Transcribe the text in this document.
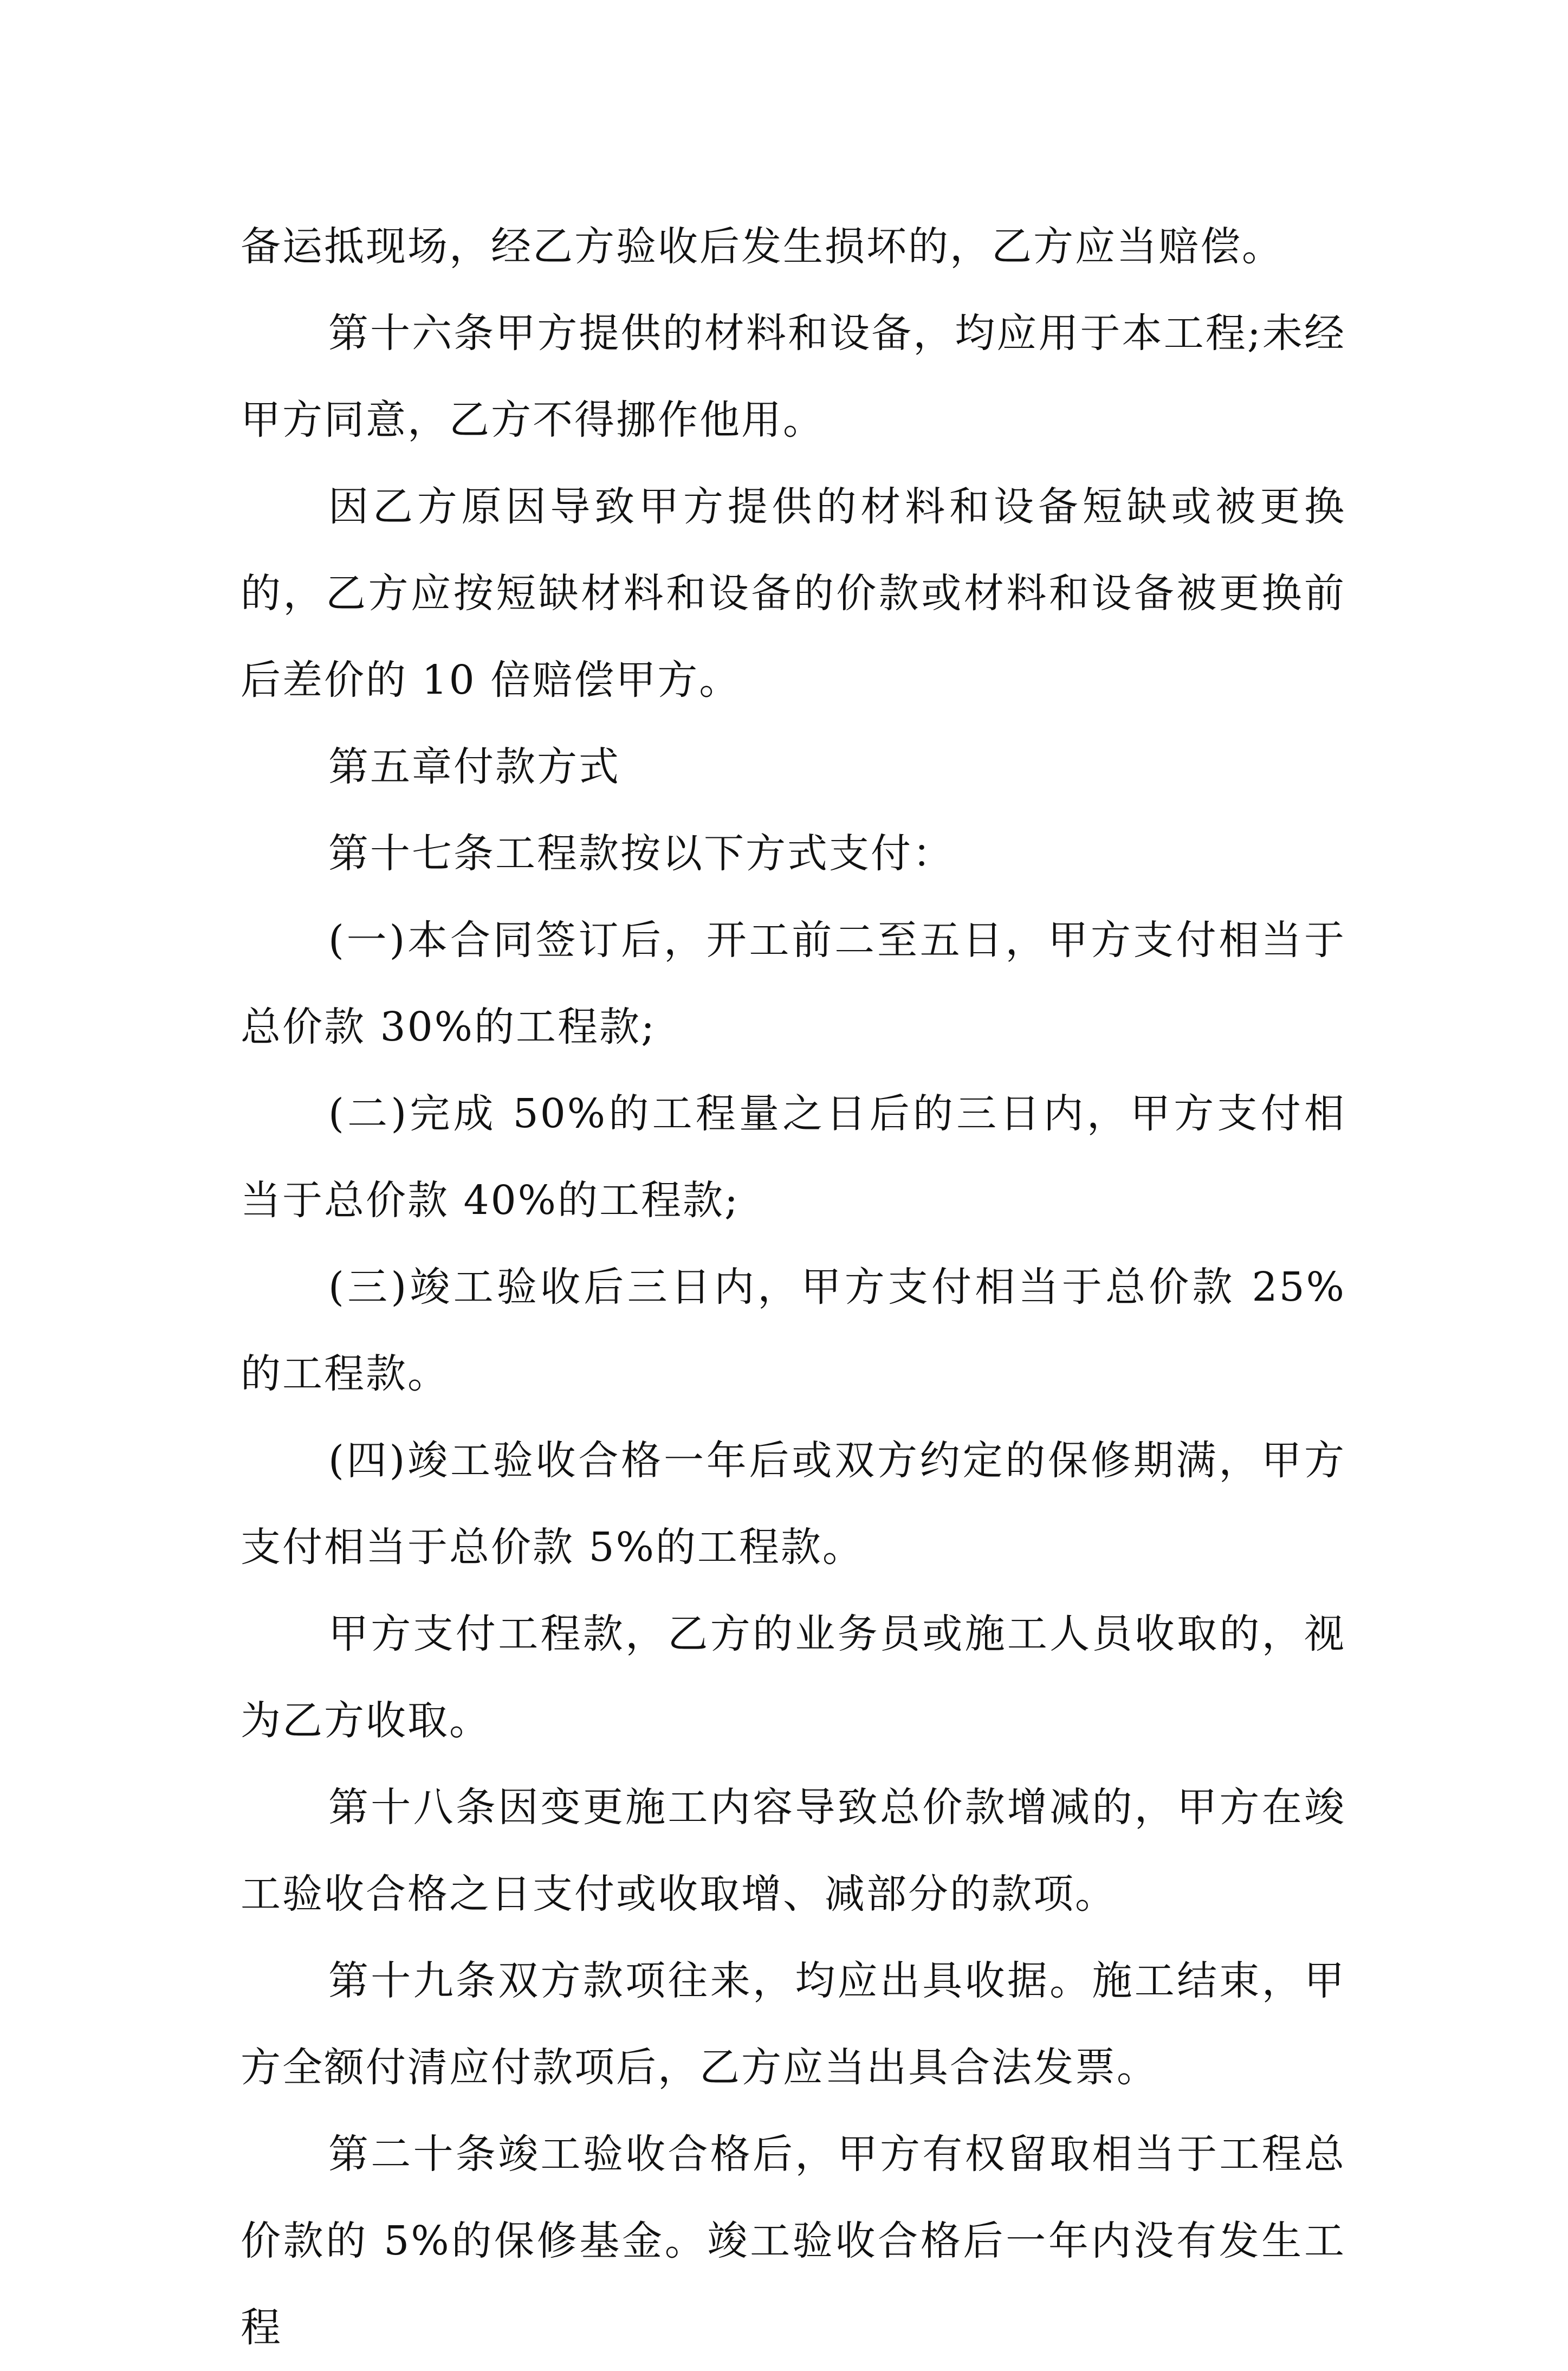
备运抵现场，经乙方验收后发生损坏的，乙方应当赔偿。

第十六条甲方提供的材料和设备，均应用于本工程;未经甲方同意，乙方不得挪作他用。

因乙方原因导致甲方提供的材料和设备短缺或被更换的，乙方应按短缺材料和设备的价款或材料和设备被更换前后差价的 10 倍赔偿甲方。

第五章付款方式

第十七条工程款按以下方式支付：

(一)本合同签订后，开工前二至五日，甲方支付相当于总价款 30%的工程款;

(二)完成 50%的工程量之日后的三日内，甲方支付相当于总价款 40%的工程款;

(三)竣工验收后三日内，甲方支付相当于总价款 25%的工程款。

(四)竣工验收合格一年后或双方约定的保修期满，甲方支付相当于总价款 5%的工程款。

甲方支付工程款，乙方的业务员或施工人员收取的，视为乙方收取。

第十八条因变更施工内容导致总价款增减的，甲方在竣工验收合格之日支付或收取增、减部分的款项。

第十九条双方款项往来，均应出具收据。施工结束，甲方全额付清应付款项后，乙方应当出具合法发票。

第二十条竣工验收合格后，甲方有权留取相当于工程总价款的 5%的保修基金。竣工验收合格后一年内没有发生工程
